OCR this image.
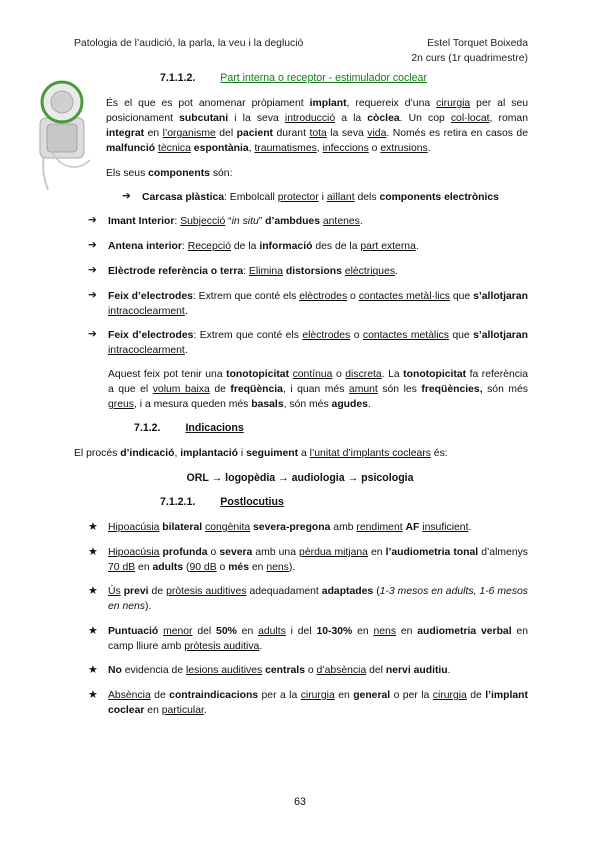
Patologia de l’audició, la parla, la veu i la deglució	Estel Torquet Boixeda
2n curs (1r quadrimestre)
7.1.1.2. Part interna o receptor - estimulador coclear

És el que es pot anomenar pròpiament implant, requereix d’una cirurgia per al seu posicionament subcutani i la seva introducció a la còclea. Un cop col·locat, roman integrat en l’organisme del pacient durant tota la seva vida. Només es retira en casos de malfunció tècnica espontània, traumatismes, infeccions o extrusions.

Els seus components són:

➔	Carcasa plàstica: Embolcall protector i aïllant dels components electrònics
➔	Imant Interior: Subjecció “in situ” d’ambdues antenes.
➔	Antena interior: Recepció de la informació des de la part externa.
➔	Elèctrode referència o terra: Elimina distorsions elèctriques.
➔	Feix d’electrodes: Extrem que conté els elèctrodes o contactes metàl·lics que s’allotjaran intracoclearment.
➔	Feix d’electrodes: Extrem que conté els elèctrodes o contactes metàlics que s’allotjaran intracoclearment.

Aquest feix pot tenir una tonotopicitat contínua o discreta. La tonotopicitat fa referència a que el volum baixa de freqüència, i quan més amunt són les freqüències, són més greus, i a mesura queden més basals, són més agudes.

7.1.2. Indicacions

El procés d’indicació, implantació i seguiment a l’unitat d’implants coclears és:

ORL → logopèdia → audiologia → psicologia
7.1.2.1. Postlocutius
★ Hipoacúsia bilateral congènita severa-pregona amb rendiment AF insuficient.
★ Hipoacúsia profunda o severa amb una pèrdua mitjana en l’audiometria tonal d’almenys 70 dB en adults (90 dB o més en nens).
★ Ús previ de pròtesis auditives adequadament adaptades (1-3 mesos en adults, 1-6 mesos en nens).
★ Puntuació menor del 50% en adults i del 10-30% en nens en audiometria verbal en camp lliure amb pròtesis auditiva.
★ No evidencia de lesions auditives centrals o d’absència del nervi auditiu.
★ Absència de contraindicacions per a la cirurgia en general o per la cirurgia de l’implant coclear en particular.
63
